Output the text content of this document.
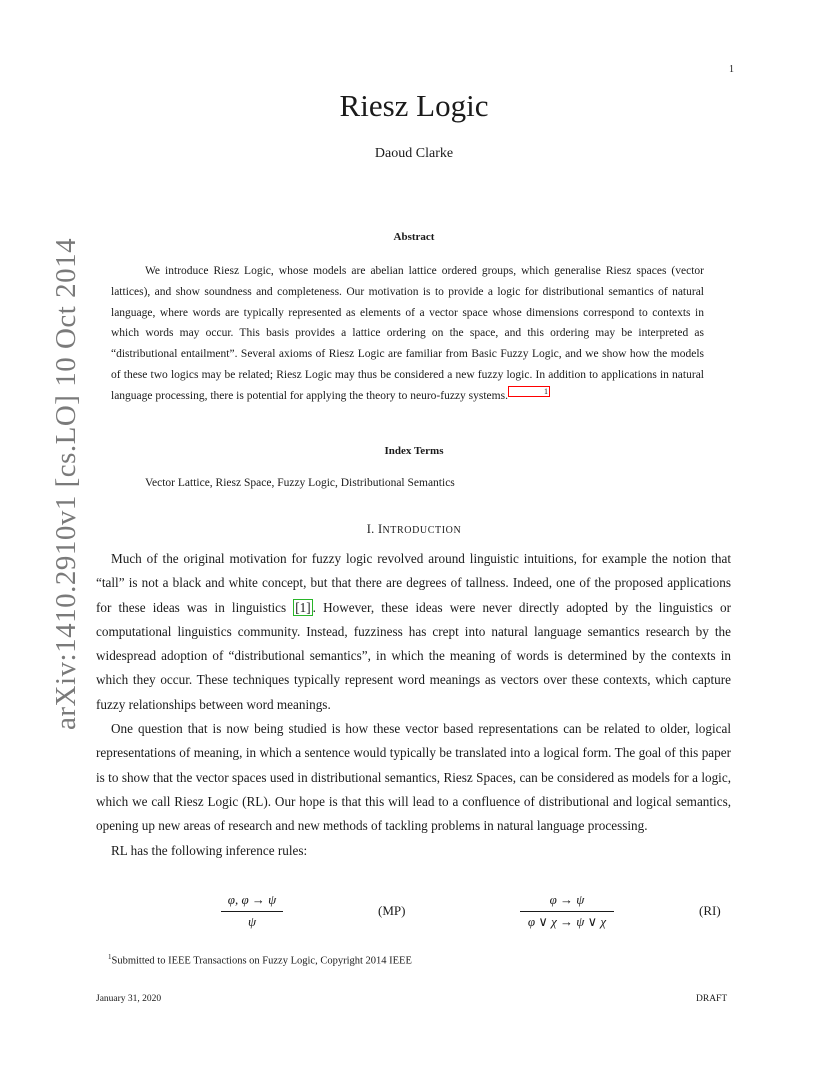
1
Riesz Logic
Daoud Clarke
Abstract
We introduce Riesz Logic, whose models are abelian lattice ordered groups, which generalise Riesz spaces (vector lattices), and show soundness and completeness. Our motivation is to provide a logic for distributional semantics of natural language, where words are typically represented as elements of a vector space whose dimensions correspond to contexts in which words may occur. This basis provides a lattice ordering on the space, and this ordering may be interpreted as “distributional entailment”. Several axioms of Riesz Logic are familiar from Basic Fuzzy Logic, and we show how the models of these two logics may be related; Riesz Logic may thus be considered a new fuzzy logic. In addition to applications in natural language processing, there is potential for applying the theory to neuro-fuzzy systems.	1
Index Terms
Vector Lattice, Riesz Space, Fuzzy Logic, Distributional Semantics
I. INTRODUCTION

Much of the original motivation for fuzzy logic revolved around linguistic intuitions, for example the notion that “tall” is not a black and white concept, but that there are degrees of tallness. Indeed, one of the proposed applications for these ideas was in linguistics [1] . However, these ideas were never directly adopted by the linguistics or computational linguistics community. Instead, fuzziness has crept into natural language semantics research by the widespread adoption of “distributional semantics”, in which the meaning of words is determined by the contexts in which they occur. These techniques typically represent word meanings as vectors over these contexts, which capture fuzzy relationships between word meanings.

One question that is now being studied is how these vector based representations can be related to older, logical representations of meaning, in which a sentence would typically be translated into a logical form. The goal of this paper is to show that the vector spaces used in distributional semantics, Riesz Spaces, can be considered as models for a logic, which we call Riesz Logic (RL). Our hope is that this will lead to a confluence of distributional and logical semantics, opening up new areas of research and new methods of tackling problems in natural language processing.

RL has the following inference rules:

φ, φ → ψ
ψ
(MP)
φ → ψ
φ ∨ χ → ψ ∨ χ
(RI)
$^1$Submitted to IEEE Transactions on Fuzzy Logic, Copyright 2014 IEEE
January 31, 2020	DRAFT
arXiv:1410.2910v1 [cs.LO] 10 Oct 2014
